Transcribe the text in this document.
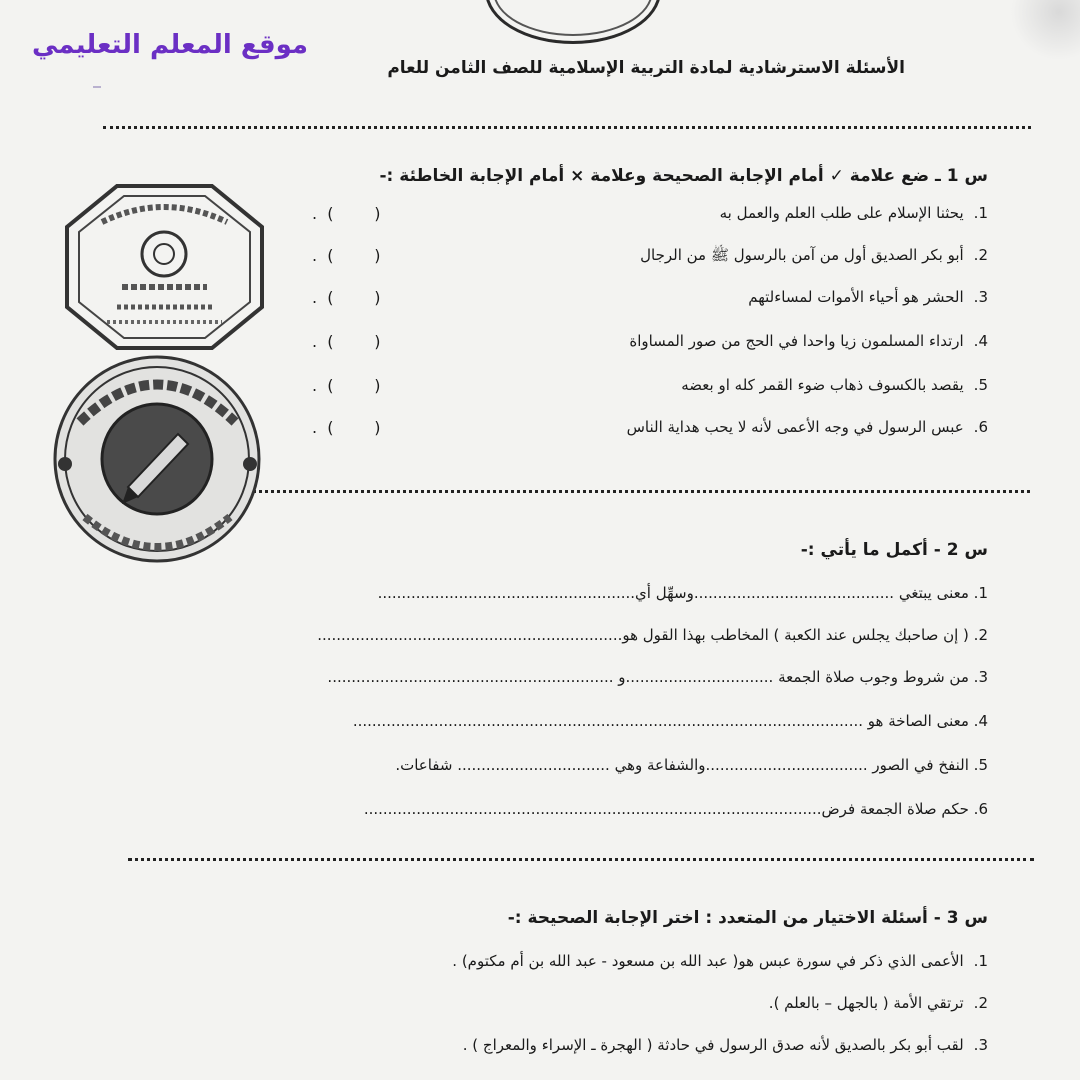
موقع المعلم التعليمي
الأسئلة الاسترشادية لمادة التربية الإسلامية للصف الثامن للعام
س 1 ـ ضع علامة ✓ أمام الإجابة الصحيحة وعلامة × أمام الإجابة الخاطئة :-
1.يحثنا الإسلام على طلب العلم والعمل به
(        )  .
2.أبو بكر الصديق أول من آمن بالرسول ﷺ من الرجال
(        )  .
3.الحشر هو أحياء الأموات لمساءلتهم
(        )  .
4.ارتداء المسلمون زيا واحدا في الحج من صور المساواة
(        )  .
5.يقصد بالكسوف ذهاب ضوء القمر كله او بعضه
(        )  .
6.عبس الرسول في وجه الأعمى لأنه لا يحب هداية الناس
(        )  .
س 2 - أكمل ما يأتي :-
1. معنى يبتغي ..........................................وسهِّل أي......................................................
2. ( إن صاحبك يجلس عند الكعبة ) المخاطب بهذا القول هو................................................................
3. من شروط وجوب صلاة الجمعة ...............................و ............................................................
4. معنى الصاخة هو ...........................................................................................................
5. النفخ في الصور ..................................والشفاعة وهي ................................ شفاعات.
6. حكم صلاة الجمعة فرض................................................................................................
س 3 - أسئلة الاختيار من المتعدد : اختر الإجابة الصحيحة :-
1.الأعمى الذي ذكر في سورة عبس هو( عبد الله بن مسعود - عبد الله بن أم مكتوم) .
2.ترتقي الأمة ( بالجهل – بالعلم ).
3.لقب أبو بكر بالصديق لأنه صدق الرسول في حادثة ( الهجرة ـ الإسراء والمعراج ) .
